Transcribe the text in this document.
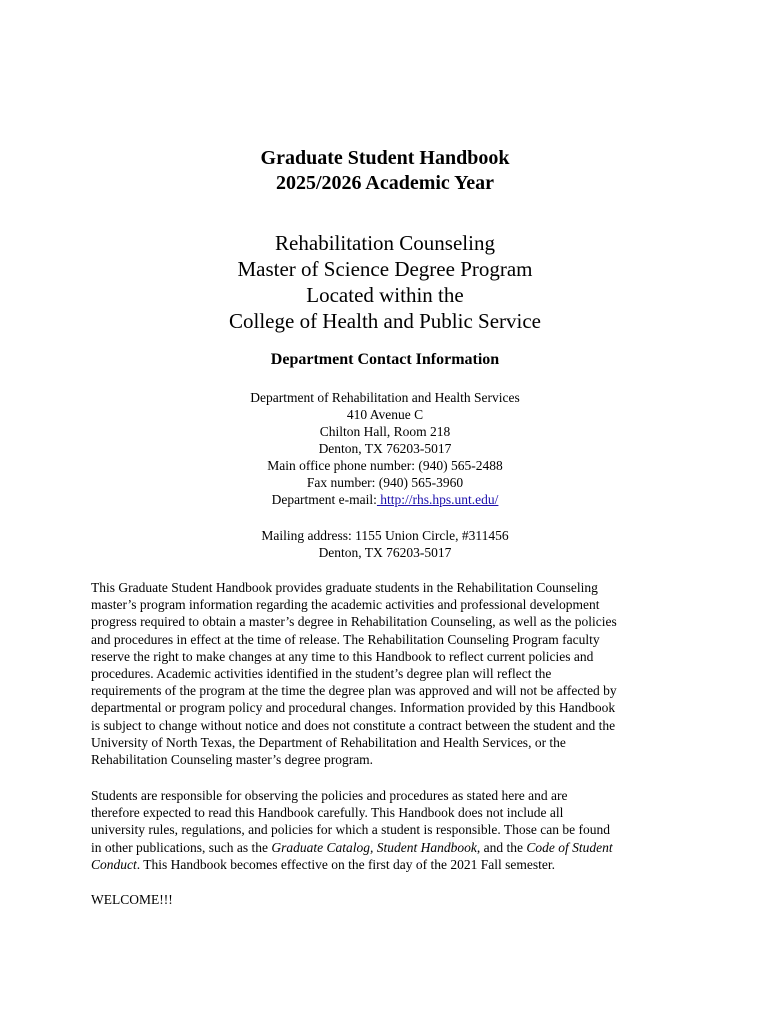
Graduate Student Handbook
2025/2026 Academic Year
Rehabilitation Counseling
Master of Science Degree Program
Located within the
College of Health and Public Service
Department Contact Information
Department of Rehabilitation and Health Services
410 Avenue C
Chilton Hall, Room 218
Denton, TX 76203-5017
Main office phone number: (940) 565-2488
Fax number: (940) 565-3960
Department e-mail: http://rhs.hps.unt.edu/
Mailing address: 1155 Union Circle, #311456
Denton, TX 76203-5017
This Graduate Student Handbook provides graduate students in the Rehabilitation Counseling
master’s program information regarding the academic activities and professional development
progress required to obtain a master’s degree in Rehabilitation Counseling, as well as the policies
and procedures in effect at the time of release. The Rehabilitation Counseling Program faculty
reserve the right to make changes at any time to this Handbook to reflect current policies and
procedures. Academic activities identified in the student’s degree plan will reflect the
requirements of the program at the time the degree plan was approved and will not be affected by
departmental or program policy and procedural changes. Information provided by this Handbook
is subject to change without notice and does not constitute a contract between the student and the
University of North Texas, the Department of Rehabilitation and Health Services, or the
Rehabilitation Counseling master’s degree program.
Students are responsible for observing the policies and procedures as stated here and are
therefore expected to read this Handbook carefully. This Handbook does not include all
university rules, regulations, and policies for which a student is responsible. Those can be found
in other publications, such as the Graduate Catalog, Student Handbook, and the Code of Student
Conduct. This Handbook becomes effective on the first day of the 2021 Fall semester.
WELCOME!!!
